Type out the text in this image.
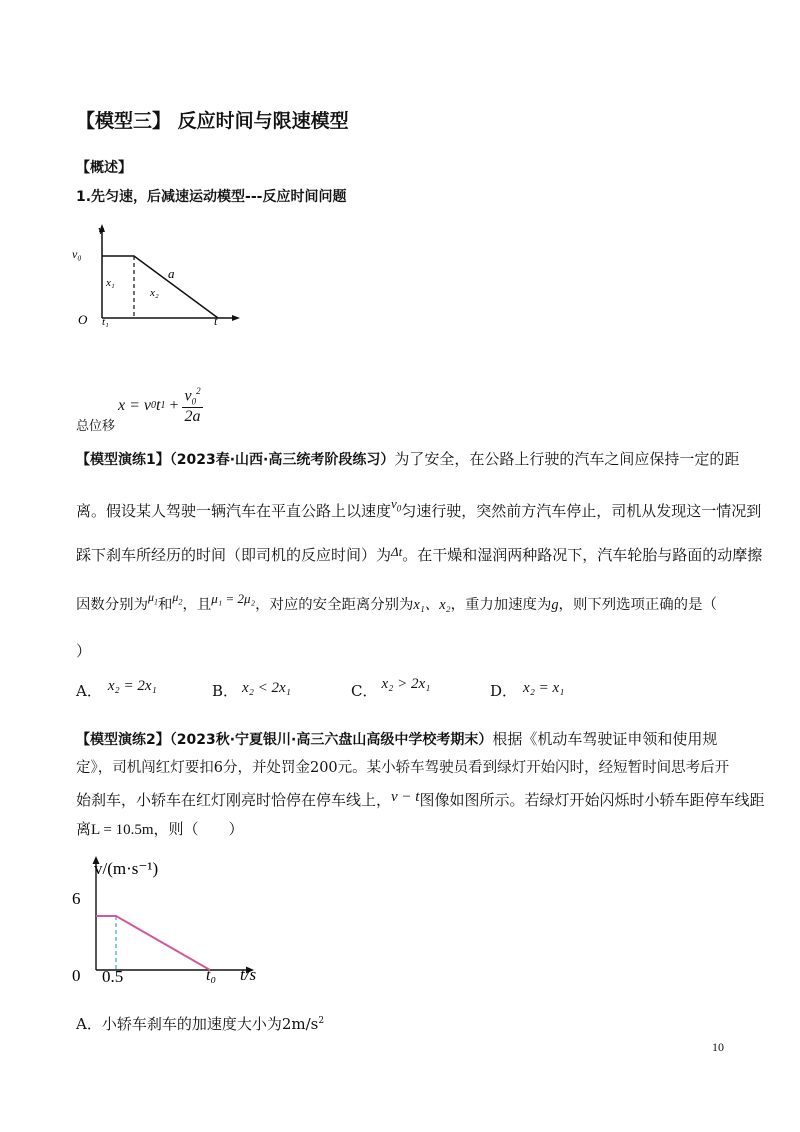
【模型三】 反应时间与限速模型
【概述】
1.先匀速，后减速运动模型---反应时间问题
v₀
v
x₁
x₂
a
O t₁	t
x = v 0 t $1 + \frac{v_0^2}{2a}$
总位移
【模型演练1】（2023春·山西·高三统考阶段练习）为了安全，在公路上行驶的汽车之间应保持一定的距
离。假设某人驾驶一辆汽车在平直公路上以速度$v_0$匀速行驶，突然前方汽车停止，司机从发现这一情况到
踩下刹车所经历的时间（即司机的反应时间）为Δt。在干燥和湿润两种路况下，汽车轮胎与路面的动摩擦
因数分别为$^{\mu_1}$和$^{\mu_2}$，且μ₁ = 2μ₂，对应的安全距离分别为x₁、x₂，重力加速度为g，则下列选项正确的是（
）
A． x₂ = 2x₁	B． x₂ < 2x₁	C． x₂ > 2x₁	D． x₂ = x₁
【模型演练2】（2023秋·宁夏银川·高三六盘山高级中学校考期末）根据《机动车驾驶证申领和使用规
定》，司机闯红灯要扣6分，并处罚金200元。某小轿车驾驶员看到绿灯开始闪时，经短暂时间思考后开
始刹车，小轿车在红灯刚亮时恰停在停车线上，v − t图像如图所示。若绿灯开始闪烁时小轿车距停车线距
离L = 10.5m，则（　　）
v/(m·s⁻¹)
6
0 0.5	t₀ t/s
A．小轿车刹车的加速度大小为$2m/s^2$
10
